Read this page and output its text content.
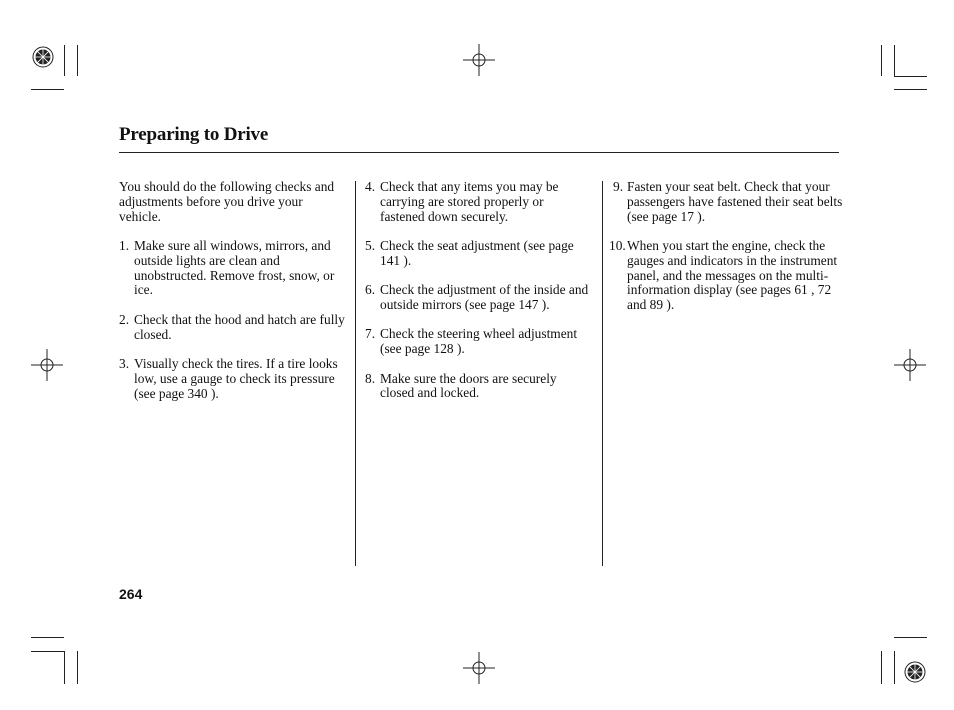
Preparing to Drive

You should do the following checks and adjustments before you drive your vehicle.

1. Make sure all windows, mirrors, and outside lights are clean and unobstructed. Remove frost, snow, or ice.
2. Check that the hood and hatch are fully closed.
3. Visually check the tires. If a tire looks low, use a gauge to check its pressure (see page 340 ).
4. Check that any items you may be carrying are stored properly or fastened down securely.
5. Check the seat adjustment (see page 141 ).
6. Check the adjustment of the inside and outside mirrors (see page 147 ).
7. Check the steering wheel adjustment (see page 128 ).
8. Make sure the doors are securely closed and locked.
9. Fasten your seat belt. Check that your passengers have fastened their seat belts (see page 17 ).
10. When you start the engine, check the gauges and indicators in the instrument panel, and the messages on the multi-information display (see pages 61 , 72 and 89 ).
264
